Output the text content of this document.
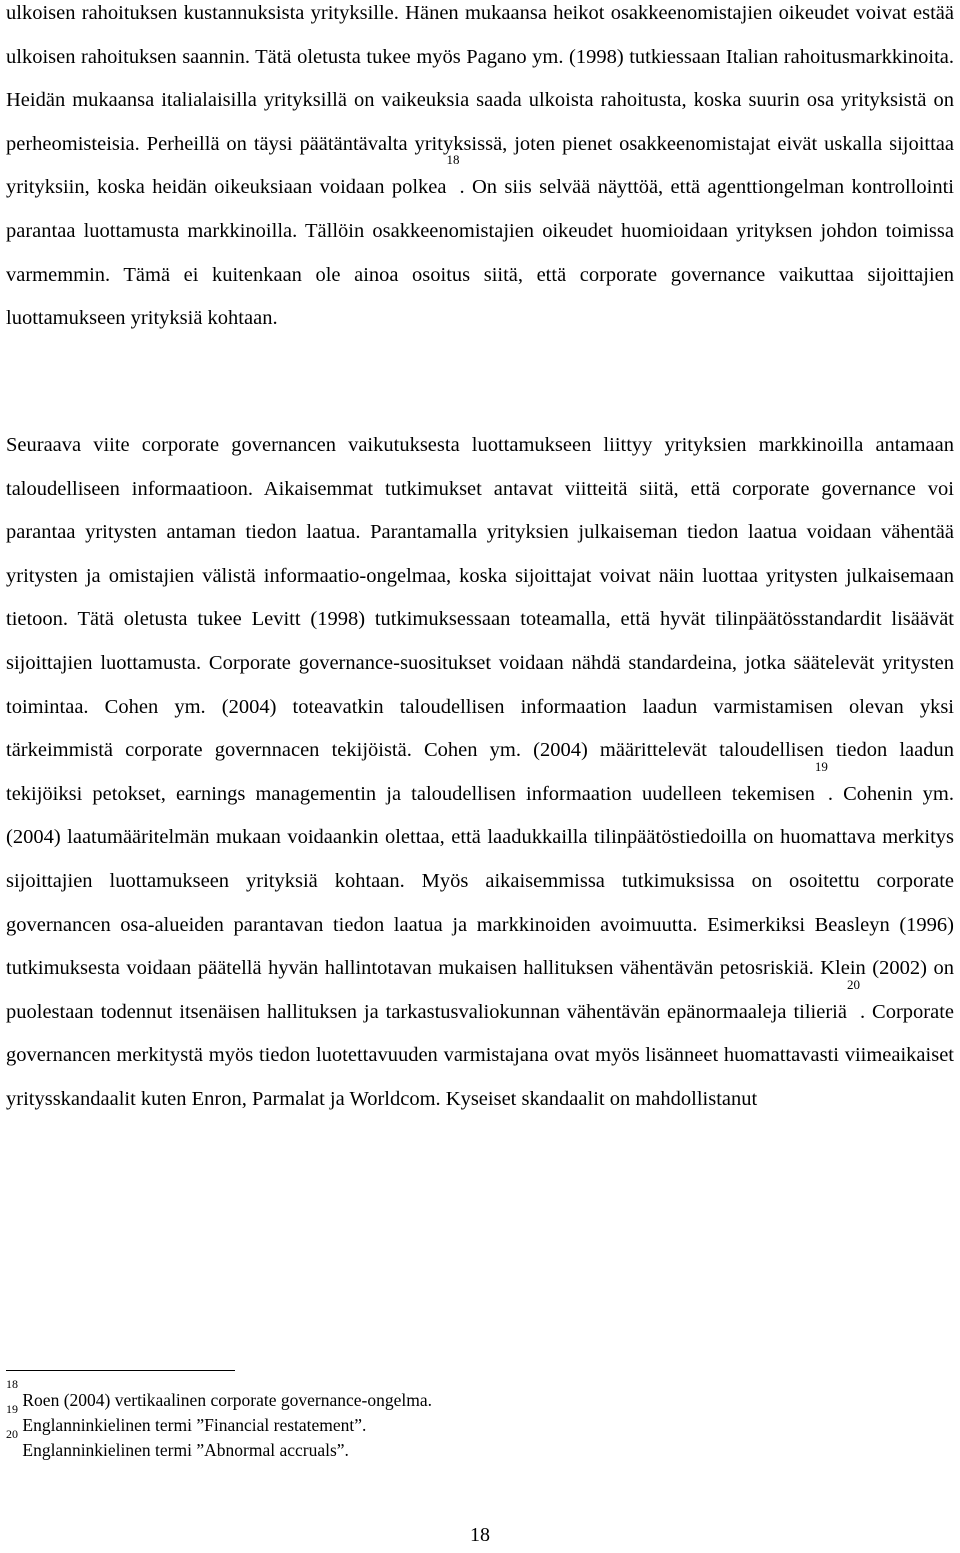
ulkoisen rahoituksen kustannuksista yrityksille. Hänen mukaansa heikot osakkeenomistajien oikeudet voivat estää ulkoisen rahoituksen saannin. Tätä oletusta tukee myös Pagano ym. (1998) tutkiessaan Italian rahoitusmarkkinoita. Heidän mukaansa italialaisilla yrityksillä on vaikeuksia saada ulkoista rahoitusta, koska suurin osa yrityksistä on perheomisteisia. Perheillä on täysi päätäntävalta yrityksissä, joten pienet osakkeenomistajat eivät uskalla sijoittaa yrityksiin, koska heidän oikeuksiaan voidaan polkea$^{18}$. On siis selvää näyttöä, että agenttiongelman kontrollointi parantaa luottamusta markkinoilla. Tällöin osakkeenomistajien oikeudet huomioidaan yrityksen johdon toimissa varmemmin. Tämä ei kuitenkaan ole ainoa osoitus siitä, että corporate governance vaikuttaa sijoittajien luottamukseen yrityksiä kohtaan.

Seuraava viite corporate governancen vaikutuksesta luottamukseen liittyy yrityksien markkinoilla antamaan taloudelliseen informaatioon. Aikaisemmat tutkimukset antavat viitteitä siitä, että corporate governance voi parantaa yritysten antaman tiedon laatua. Parantamalla yrityksien julkaiseman tiedon laatua voidaan vähentää yritysten ja omistajien välistä informaatio-ongelmaa, koska sijoittajat voivat näin luottaa yritysten julkaisemaan tietoon. Tätä oletusta tukee Levitt (1998) tutkimuksessaan toteamalla, että hyvät tilinpäätösstandardit lisäävät sijoittajien luottamusta. Corporate governance-suositukset voidaan nähdä standardeina, jotka säätelevät yritysten toimintaa. Cohen ym. (2004) toteavatkin taloudellisen informaation laadun varmistamisen olevan yksi tärkeimmistä corporate governnacen tekijöistä. Cohen ym. (2004) määrittelevät taloudellisen tiedon laadun tekijöiksi petokset, earnings managementin ja taloudellisen informaation uudelleen tekemisen$^{19}$. Cohenin ym. (2004) laatumääritelmän mukaan voidaankin olettaa, että laadukkailla tilinpäätöstiedoilla on huomattava merkitys sijoittajien luottamukseen yrityksiä kohtaan. Myös aikaisemmissa tutkimuksissa on osoitettu corporate governancen osa-alueiden parantavan tiedon laatua ja markkinoiden avoimuutta. Esimerkiksi Beasleyn (1996) tutkimuksesta voidaan päätellä hyvän hallintotavan mukaisen hallituksen vähentävän petosriskiä. Klein (2002) on puolestaan todennut itsenäisen hallituksen ja tarkastusvaliokunnan vähentävän epänormaaleja tilieriä$^{20}$. Corporate governancen merkitystä myös tiedon luotettavuuden varmistajana ovat myös lisänneet huomattavasti viimeaikaiset yritysskandaalit kuten Enron, Parmalat ja Worldcom. Kyseiset skandaalit on mahdollistanut

$^{18}$ Roen (2004) vertikaalinen corporate governance-ongelma.

$^{19}$ Englanninkielinen termi ”Financial restatement”.

$^{20}$ Englanninkielinen termi ”Abnormal accruals”.

18
